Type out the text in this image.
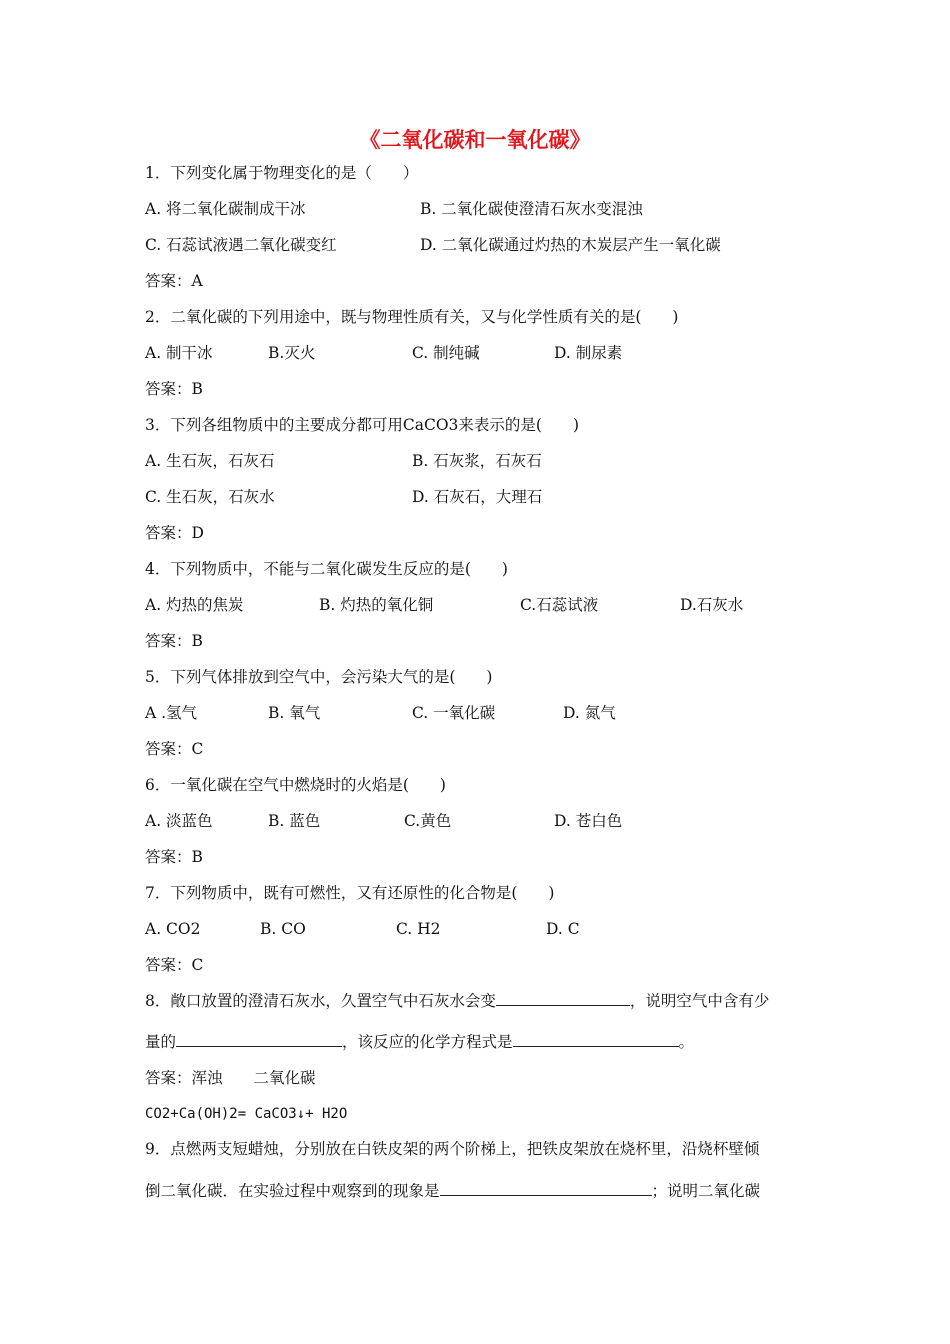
《二氧化碳和一氧化碳》
1．下列变化属于物理变化的是（　　）
A. 将二氧化碳制成干冰	B. 二氧化碳使澄清石灰水变混浊
C. 石蕊试液遇二氧化碳变红	D. 二氧化碳通过灼热的木炭层产生一氧化碳
答案：A
2．二氧化碳的下列用途中，既与物理性质有关，又与化学性质有关的是(　　)
A. 制干冰	B.灭火	C. 制纯碱	D. 制尿素
答案：B
3．下列各组物质中的主要成分都可用CaCO3来表示的是(　　)
A. 生石灰，石灰石	B. 石灰浆，石灰石
C. 生石灰，石灰水	D. 石灰石，大理石
答案：D
4．下列物质中，不能与二氧化碳发生反应的是(　　)
A. 灼热的焦炭	B. 灼热的氧化铜	C.石蕊试液	D.石灰水
答案：B
5．下列气体排放到空气中，会污染大气的是(　　)
A .氢气	B. 氧气	C. 一氧化碳	D. 氮气
答案：C
6．一氧化碳在空气中燃烧时的火焰是(　　)
A. 淡蓝色	B. 蓝色	C.黄色	D. 苍白色
答案：B
7．下列物质中，既有可燃性，又有还原性的化合物是(　　)
A. CO2	B. CO	C. H2	D. C
答案：C
8．敞口放置的澄清石灰水，久置空气中石灰水会变	，说明空气中含有少
量的	，该反应的化学方程式是	。
答案：浑浊　　二氧化碳
CO2+Ca(OH)2= CaCO3↓+ H2O
9．点燃两支短蜡烛，分别放在白铁皮架的两个阶梯上，把铁皮架放在烧杯里，沿烧杯壁倾
倒二氧化碳．在实验过程中观察到的现象是	；说明二氧化碳
